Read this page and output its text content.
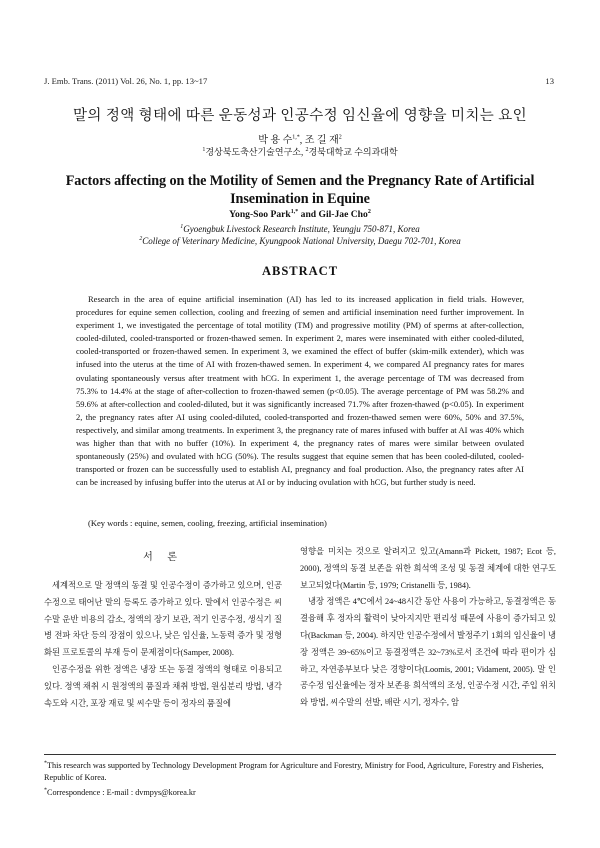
J. Emb. Trans. (2011) Vol. 26, No. 1, pp. 13~17	13
말의 정액 형태에 따른 운동성과 인공수정 임신율에 영향을 미치는 요인
박 용 수$^{1,*}$, 조 길 재$^2$
$^1$경상북도축산기술연구소, $^2$경북대학교 수의과대학
Factors affecting on the Motility of Semen and the Pregnancy Rate of Artificial
Insemination in Equine
Yong-Soo Park$^{1,*}$ and Gil-Jae Cho$^2$
$^1$Gyoengbuk Livestock Research Institute, Yeungju 750-871, Korea
$^2$College of Veterinary Medicine, Kyungpook National University, Daegu 702-701, Korea
ABSTRACT
Research in the area of equine artificial insemination (AI) has led to its increased application in field trials. However, procedures for equine semen collection, cooling and freezing of semen and artificial insemination need further improvement. In experiment 1, we investigated the percentage of total motility (TM) and progressive motility (PM) of sperms at after-collection, cooled-diluted, cooled-transported or frozen-thawed semen. In experiment 2, mares were inseminated with either cooled-diluted, cooled-transported or frozen-thawed semen. In experiment 3, we examined the effect of buffer (skim-milk extender), which was infused into the uterus at the time of AI with frozen-thawed semen. In experiment 4, we compared AI pregnancy rates for mares ovulating spontaneously versus after treatment with hCG. In experiment 1, the average percentage of TM was decreased from 75.3% to 14.4% at the stage of after-collection to frozen-thawed semen (p<0.05). The average percentage of PM was 58.2% and 59.6% at after-collection and cooled-diluted, but it was significantly increased 71.7% after frozen-thawed (p<0.05). In experiment 2, the pregnancy rates after AI using cooled-diluted, cooled-transported and frozen-thawed semen were 60%, 50% and 37.5%, respectively, and similar among treatments. In experiment 3, the pregnancy rate of mares infused with buffer at AI was 40% which was higher than that with no buffer (10%). In experiment 4, the pregnancy rates of mares were similar between ovulated spontaneously (25%) and ovulated with hCG (50%). The results suggest that equine semen that has been cooled-diluted, cooled-transported or frozen can be successfully used to establish AI, pregnancy and foal production. Also, the pregnancy rates after AI can be increased by infusing buffer into the uterus at AI or by inducing ovulation with hCG, but further study is need.
(Key words : equine, semen, cooling, freezing, artificial insemination)
서 론
세계적으로 말 정액의 동결 및 인공수정이 증가하고 있으며, 인공수정으로 태어난 말의 등록도 증가하고 있다. 말에서 인공수정은 씨수말 운반 비용의 감소, 정액의 장기 보관, 적기 인공수정, 생식기 질병 전파 차단 등의 장점이 있으나, 낮은 임신율, 노동력 증가 및 정형화된 프로토콜의 부재 등이 문제점이다(Samper, 2008).
인공수정을 위한 정액은 냉장 또는 동결 정액의 형태로 이용되고 있다. 정액 채취 시 원정액의 품질과 채취 방법, 원심분리 방법, 냉각 속도와 시간, 포장 재료 및 씨수말 등이 정자의 품질에
영향을 미치는 것으로 알려지고 있고(Amann과 Pickett, 1987; Ecot 등, 2000), 정액의 동결 보존을 위한 희석액 조성 및 동결 체계에 대한 연구도 보고되었다(Martin 등, 1979; Cristanelli 등, 1984).
냉장 정액은 4℃에서 24~48시간 동안 사용이 가능하고, 동결정액은 동결융해 후 정자의 활력이 낮아지지만 편리성 때문에 사용이 증가되고 있다(Backman 등, 2004). 하지만 인공수정에서 발정주기 1회의 임신율이 냉장 정액은 39~65%이고 동결정액은 32~73%로서 조건에 따라 편이가 심하고, 자연종부보다 낮은 경향이다(Loomis, 2001; Vidament, 2005). 말 인공수정 임신율에는 정자 보존용 희석액의 조성, 인공수정 시간, 주입 위치와 방법, 씨수말의 선발, 배란 시기, 정자수, 암
*This research was supported by Technology Development Program for Agriculture and Forestry, Ministry for Food, Agriculture, Forestry and Fisheries, Republic of Korea.
*Correspondence : E-mail : dvmpys@korea.kr
